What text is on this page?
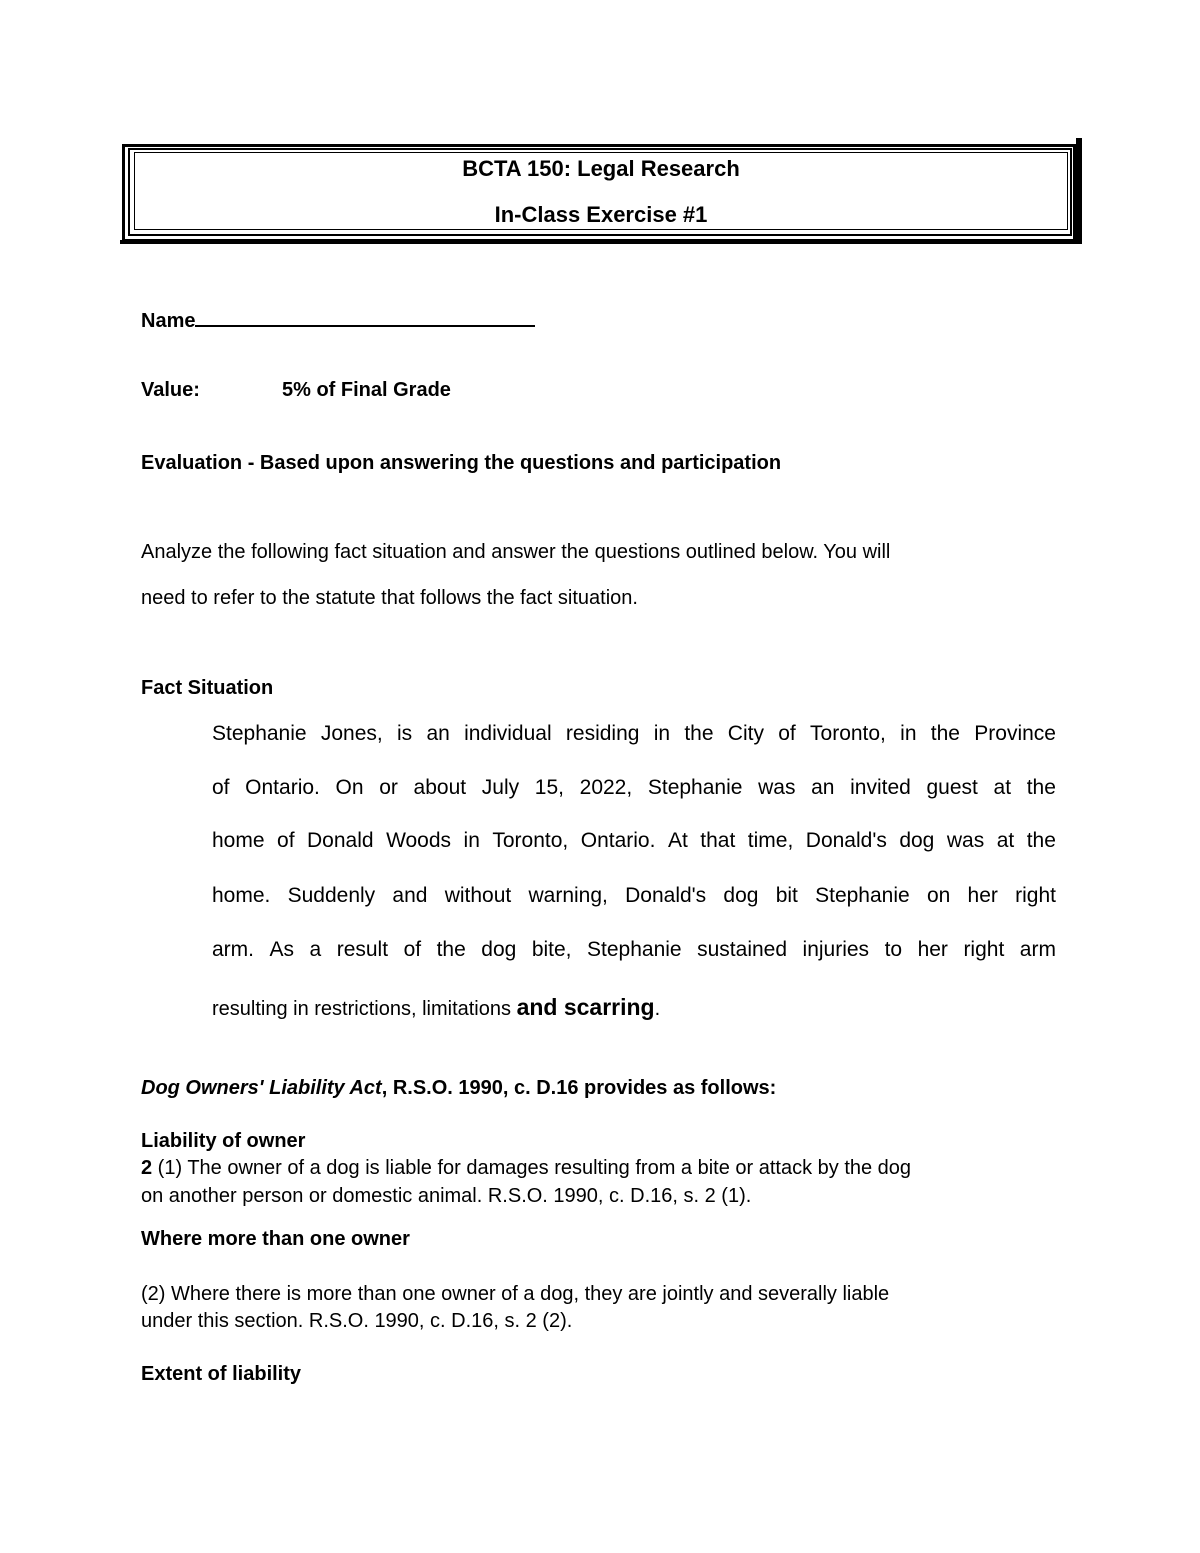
BCTA 150: Legal Research
In-Class Exercise #1
Name
Value:	5% of Final Grade
Evaluation - Based upon answering the questions and participation
Analyze the following fact situation and answer the questions outlined below. You will
need to refer to the statute that follows the fact situation.
Fact Situation
Stephanie Jones, is an individual residing in the City of Toronto, in the Province
of Ontario. On or about July 15, 2022, Stephanie was an invited guest at the
home of Donald Woods in Toronto, Ontario. At that time, Donald's dog was at the
home. Suddenly and without warning, Donald's dog bit Stephanie on her right
arm. As a result of the dog bite, Stephanie sustained injuries to her right arm
resulting in restrictions, limitations and scarring.
Dog Owners' Liability Act, R.S.O. 1990, c. D.16 provides as follows:
Liability of owner
2 (1) The owner of a dog is liable for damages resulting from a bite or attack by the dog
on another person or domestic animal. R.S.O. 1990, c. D.16, s. 2 (1).
Where more than one owner
(2) Where there is more than one owner of a dog, they are jointly and severally liable
under this section. R.S.O. 1990, c. D.16, s. 2 (2).
Extent of liability
